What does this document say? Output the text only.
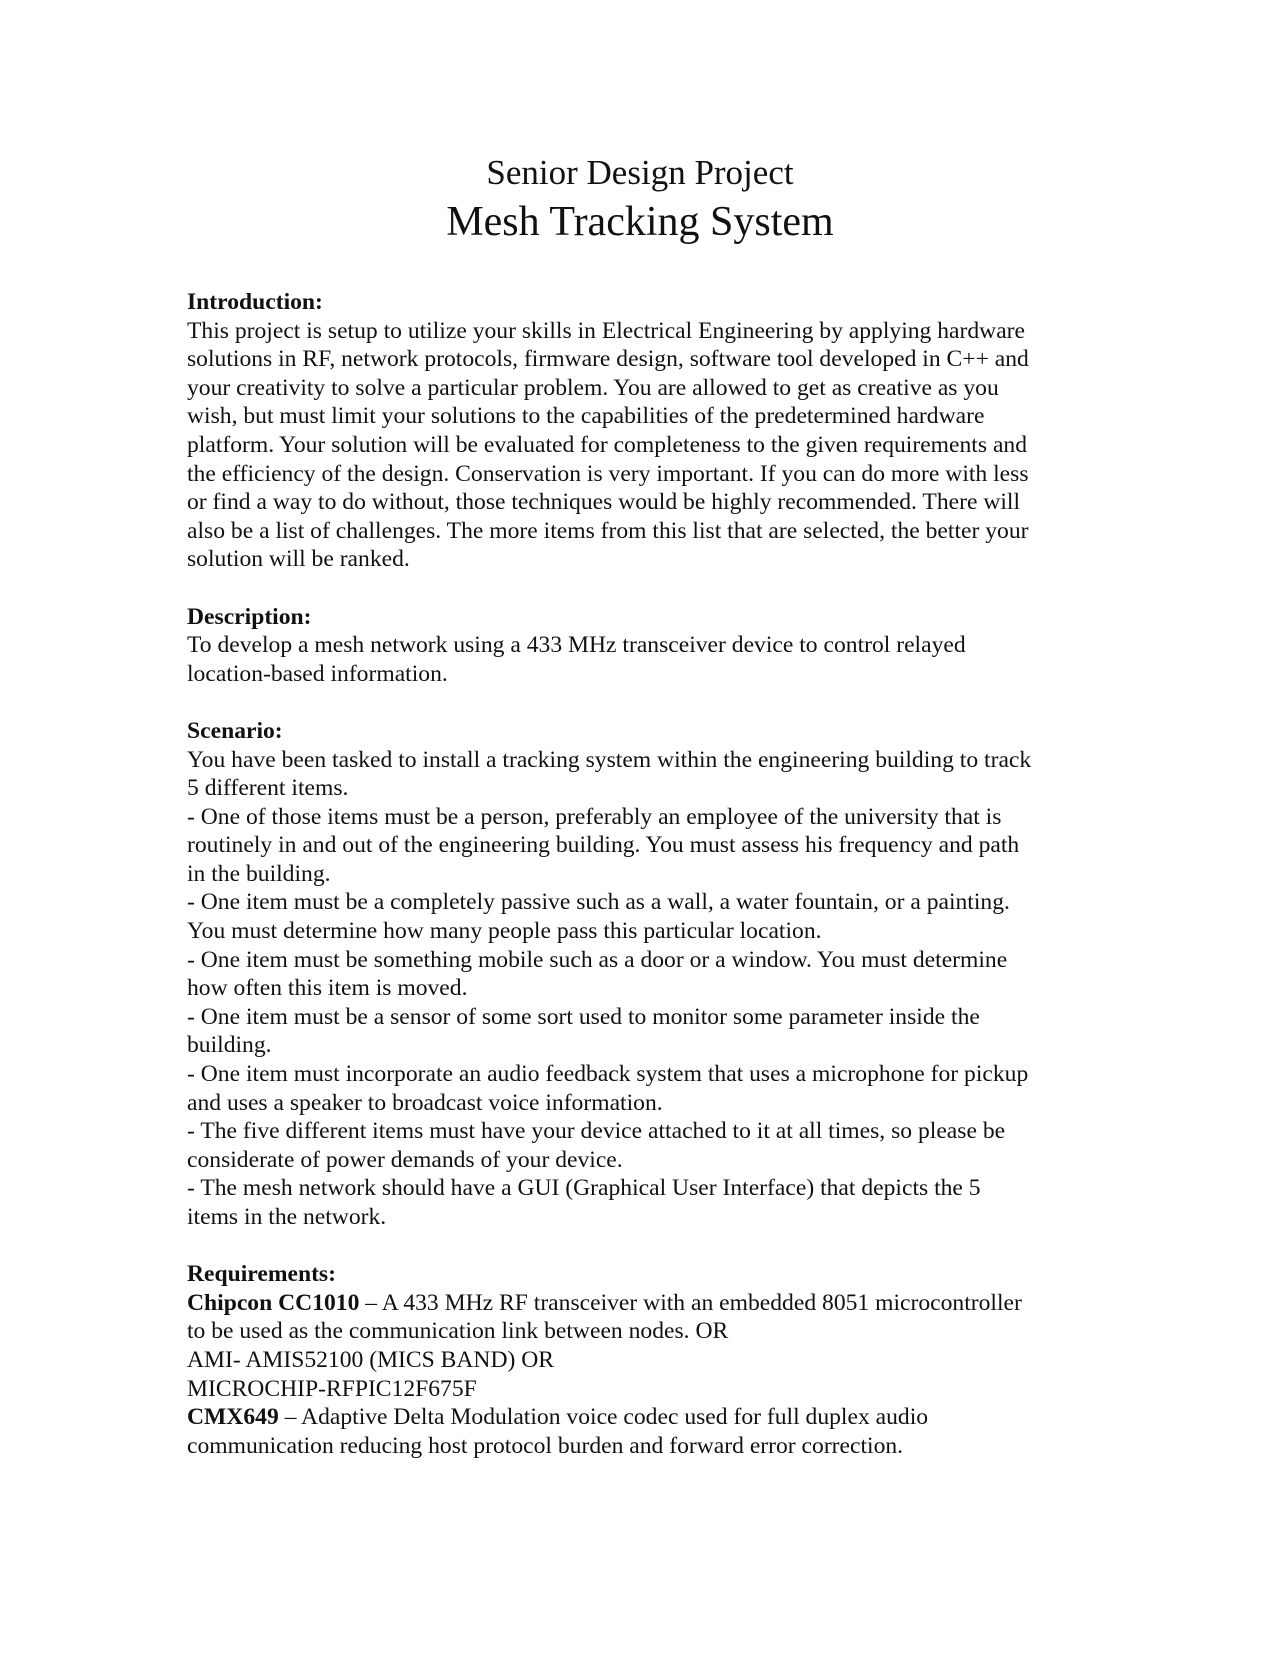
Senior Design Project
Mesh Tracking System
Introduction:
This project is setup to utilize your skills in Electrical Engineering by applying hardware
solutions in RF, network protocols, firmware design, software tool developed in C++ and
your creativity to solve a particular problem. You are allowed to get as creative as you
wish, but must limit your solutions to the capabilities of the predetermined hardware
platform. Your solution will be evaluated for completeness to the given requirements and
the efficiency of the design. Conservation is very important. If you can do more with less
or find a way to do without, those techniques would be highly recommended. There will
also be a list of challenges. The more items from this list that are selected, the better your
solution will be ranked.
Description:
To develop a mesh network using a 433 MHz transceiver device to control relayed
location-based information.
Scenario:
You have been tasked to install a tracking system within the engineering building to track
5 different items.
- One of those items must be a person, preferably an employee of the university that is
routinely in and out of the engineering building. You must assess his frequency and path
in the building.
- One item must be a completely passive such as a wall, a water fountain, or a painting.
You must determine how many people pass this particular location.
- One item must be something mobile such as a door or a window. You must determine
how often this item is moved.
- One item must be a sensor of some sort used to monitor some parameter inside the
building.
- One item must incorporate an audio feedback system that uses a microphone for pickup
and uses a speaker to broadcast voice information.
- The five different items must have your device attached to it at all times, so please be
considerate of power demands of your device.
- The mesh network should have a GUI (Graphical User Interface) that depicts the 5
items in the network.
Requirements:
Chipcon CC1010 – A 433 MHz RF transceiver with an embedded 8051 microcontroller
to be used as the communication link between nodes. OR
AMI- AMIS52100 (MICS BAND) OR
MICROCHIP-RFPIC12F675F
CMX649 – Adaptive Delta Modulation voice codec used for full duplex audio
communication reducing host protocol burden and forward error correction.
